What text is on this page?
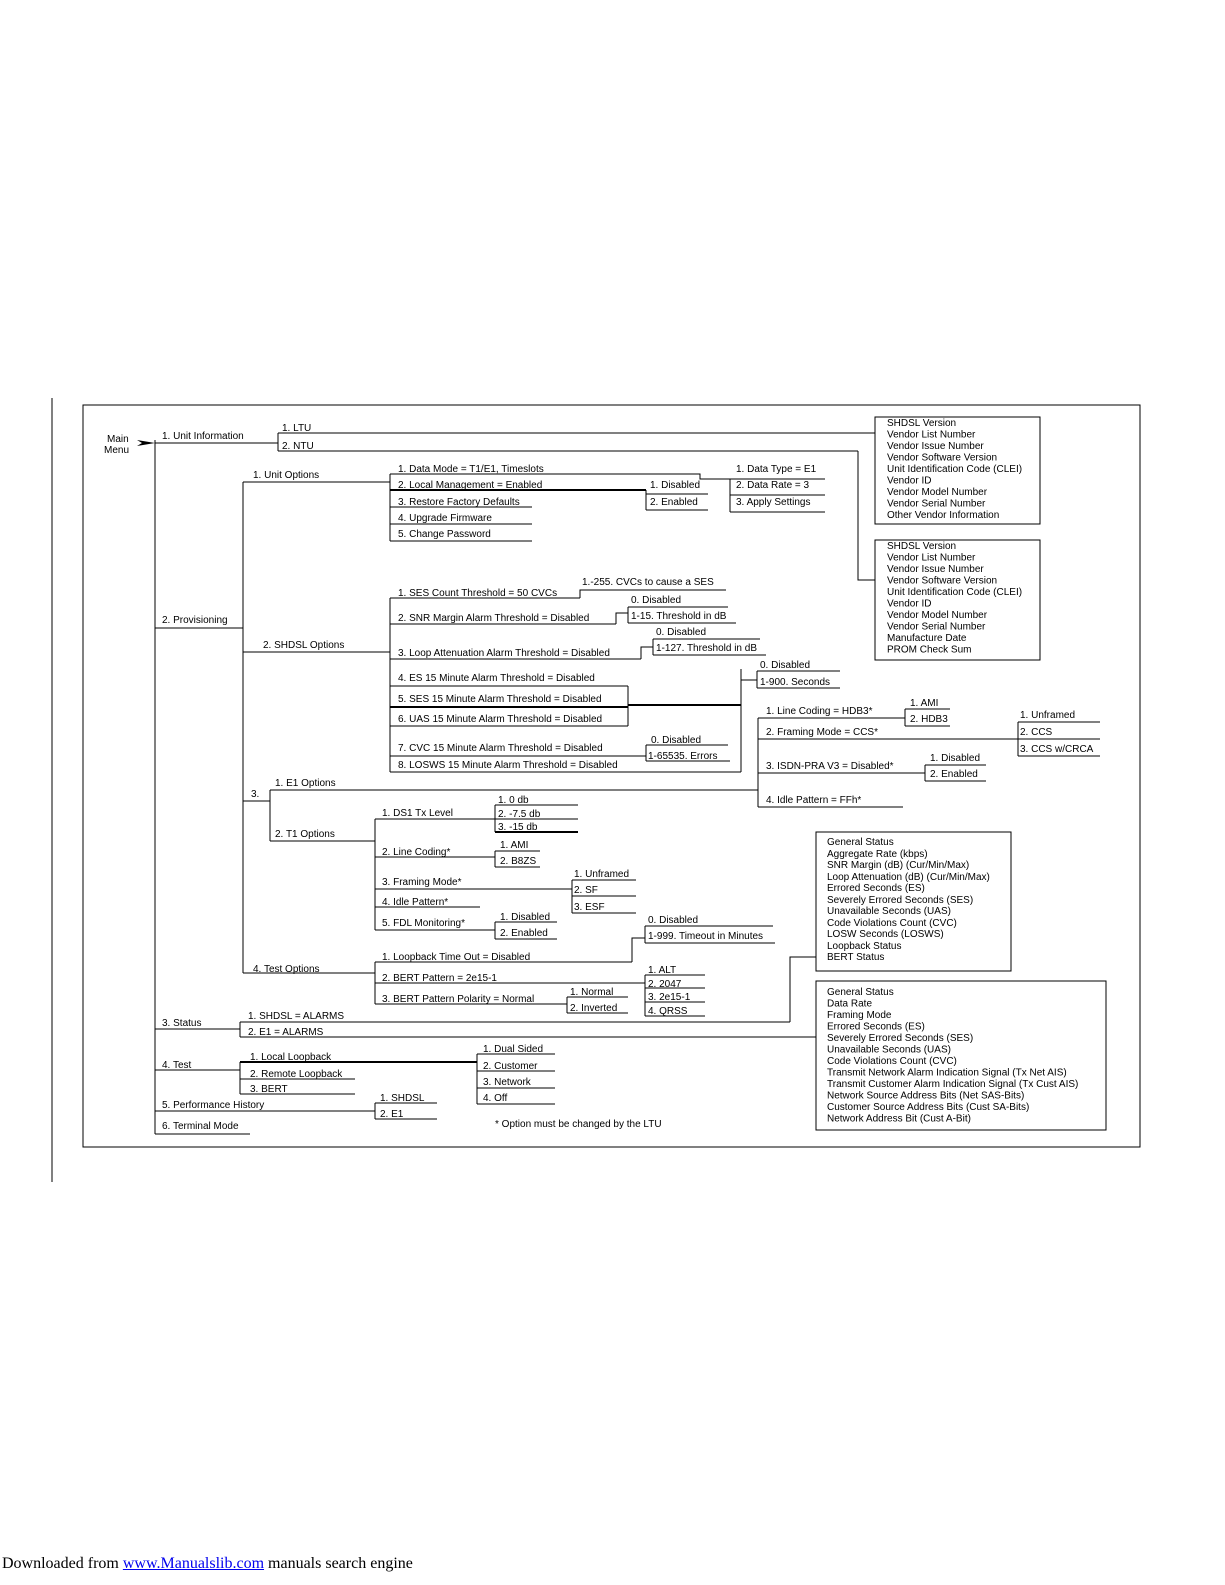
Main
Menu
1. Unit Information
1. LTU
2. NTU
SHDSL Version
Vendor List Number
Vendor Issue Number
Vendor Software Version
Unit Identification Code (CLEI)
Vendor ID
Vendor Model Number
Vendor Serial Number
Other Vendor Information
SHDSL Version
Vendor List Number
Vendor Issue Number
Vendor Software Version
Unit Identification Code (CLEI)
Vendor ID
Vendor Model Number
Vendor Serial Number
Manufacture Date
PROM Check Sum
2. Provisioning
1. Unit Options
1. Data Mode = T1/E1, Timeslots
2. Local Management = Enabled
3. Restore Factory Defaults
4. Upgrade Firmware
5. Change Password
1. Data Type = E1
2. Data Rate = 3
3. Apply Settings
1. Disabled
2. Enabled
2. SHDSL Options
1. SES Count Threshold = 50 CVCs
2. SNR Margin Alarm Threshold = Disabled
3. Loop Attenuation Alarm Threshold = Disabled
4. ES 15 Minute Alarm Threshold = Disabled
5. SES 15 Minute Alarm Threshold = Disabled
6. UAS 15 Minute Alarm Threshold = Disabled
7. CVC 15 Minute Alarm Threshold = Disabled
8. LOSWS 15 Minute Alarm Threshold = Disabled
1.-255. CVCs to cause a SES
0. Disabled
1-15. Threshold in dB
0. Disabled
1-127. Threshold in dB
0. Disabled
1-900. Seconds
0. Disabled
1-65535. Errors
3.
1. E1 Options
1. Line Coding = HDB3*
2. Framing Mode = CCS*
3. ISDN-PRA V3 = Disabled*
4. Idle Pattern = FFh*
1. AMI
2. HDB3	1. Unframed
2. CCS
3. CCS w/CRCA
1. Disabled
2. Enabled
2. T1 Options
1. DS1 Tx Level
2. Line Coding*
3. Framing Mode*
4. Idle Pattern*
5. FDL Monitoring*
1. 0 db
2. -7.5 db
3. -15 db
1. AMI
2. B8ZS
1. Unframed
2. SF
3. ESF
1. Disabled
2. Enabled
4. Test Options
1. Loopback Time Out = Disabled
2. BERT Pattern = 2e15-1
3. BERT Pattern Polarity = Normal
0. Disabled
1-999. Timeout in Minutes
1. ALT
2. 2047
3. 2e15-1
4. QRSS
1. Normal
2. Inverted
3. Status
1. SHDSL = ALARMS
2. E1 = ALARMS
General Status
Aggregate Rate (kbps)
SNR Margin (dB) (Cur/Min/Max)
Loop Attenuation (dB) (Cur/Min/Max)
Errored Seconds (ES)
Severely Errored Seconds (SES)
Unavailable Seconds (UAS)
Code Violations Count (CVC)
LOSW Seconds (LOSWS)
Loopback Status
BERT Status
General Status
Data Rate
Framing Mode
Errored Seconds (ES)
Severely Errored Seconds (SES)
Unavailable Seconds (UAS)
Code Violations Count (CVC)
Transmit Network Alarm Indication Signal (Tx Net AIS)
Transmit Customer Alarm Indication Signal (Tx Cust AIS)
Network Source Address Bits (Net SAS-Bits)
Customer Source Address Bits (Cust SA-Bits)
Network Address Bit (Cust A-Bit)
4. Test
1. Local Loopback
2. Remote Loopback
3. BERT
1. Dual Sided
2. Customer
3. Network
4. Off
5. Performance History
1. SHDSL
2. E1
6. Terminal Mode	* Option must be changed by the LTU
Downloaded from www.Manualslib.com manuals search engine
